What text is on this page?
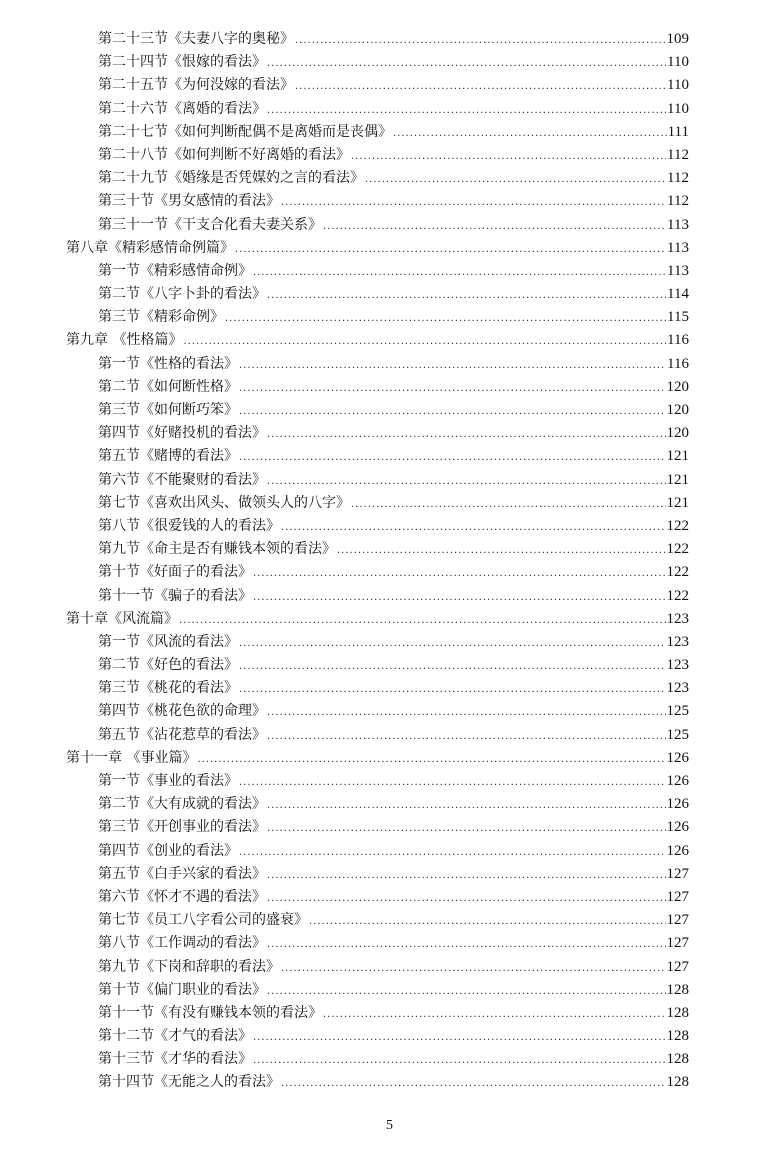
第二十三节《夫妻八字的奥秘》 .....	109
第二十四节《恨嫁的看法》 .....	110
第二十五节《为何没嫁的看法》 .....	110
第二十六节《离婚的看法》 .....	110
第二十七节《如何判断配偶不是离婚而是丧偶》 .....	111
第二十八节《如何判断不好离婚的看法》 .....	112
第二十九节《婚缘是否凭媒妁之言的看法》 .....	112
第三十节《男女感情的看法》 .....	112
第三十一节《干支合化看夫妻关系》 .....	113
第八章《精彩感情命例篇》 .....	113
第一节《精彩感情命例》 .....	113
第二节《八字卜卦的看法》 .....	114
第三节《精彩命例》 .....	115
第九章 《性格篇》 .....	116
第一节《性格的看法》 .....	116
第二节《如何断性格》 .....	120
第三节《如何断巧笨》 .....	120
第四节《好赌投机的看法》 .....	120
第五节《赌博的看法》 .....	121
第六节《不能聚财的看法》 .....	121
第七节《喜欢出风头、做领头人的八字》 .....	121
第八节《很爱钱的人的看法》 .....	122
第九节《命主是否有赚钱本领的看法》 .....	122
第十节《好面子的看法》 .....	122
第十一节《骗子的看法》 .....	122
第十章《风流篇》 .....	123
第一节《风流的看法》 .....	123
第二节《好色的看法》 .....	123
第三节《桃花的看法》 .....	123
第四节《桃花色欲的命理》 .....	125
第五节《沾花惹草的看法》 .....	125
第十一章 《事业篇》 .....	126
第一节《事业的看法》 .....	126
第二节《大有成就的看法》 .....	126
第三节《开创事业的看法》 .....	126
第四节《创业的看法》 .....	126
第五节《白手兴家的看法》 .....	127
第六节《怀才不遇的看法》 .....	127
第七节《员工八字看公司的盛衰》 .....	127
第八节《工作调动的看法》 .....	127
第九节《下岗和辞职的看法》 .....	127
第十节《偏门职业的看法》 .....	128
第十一节《有没有赚钱本领的看法》 .....	128
第十二节《才气的看法》 .....	128
第十三节《才华的看法》 .....	128
第十四节《无能之人的看法》 .....	128
5
